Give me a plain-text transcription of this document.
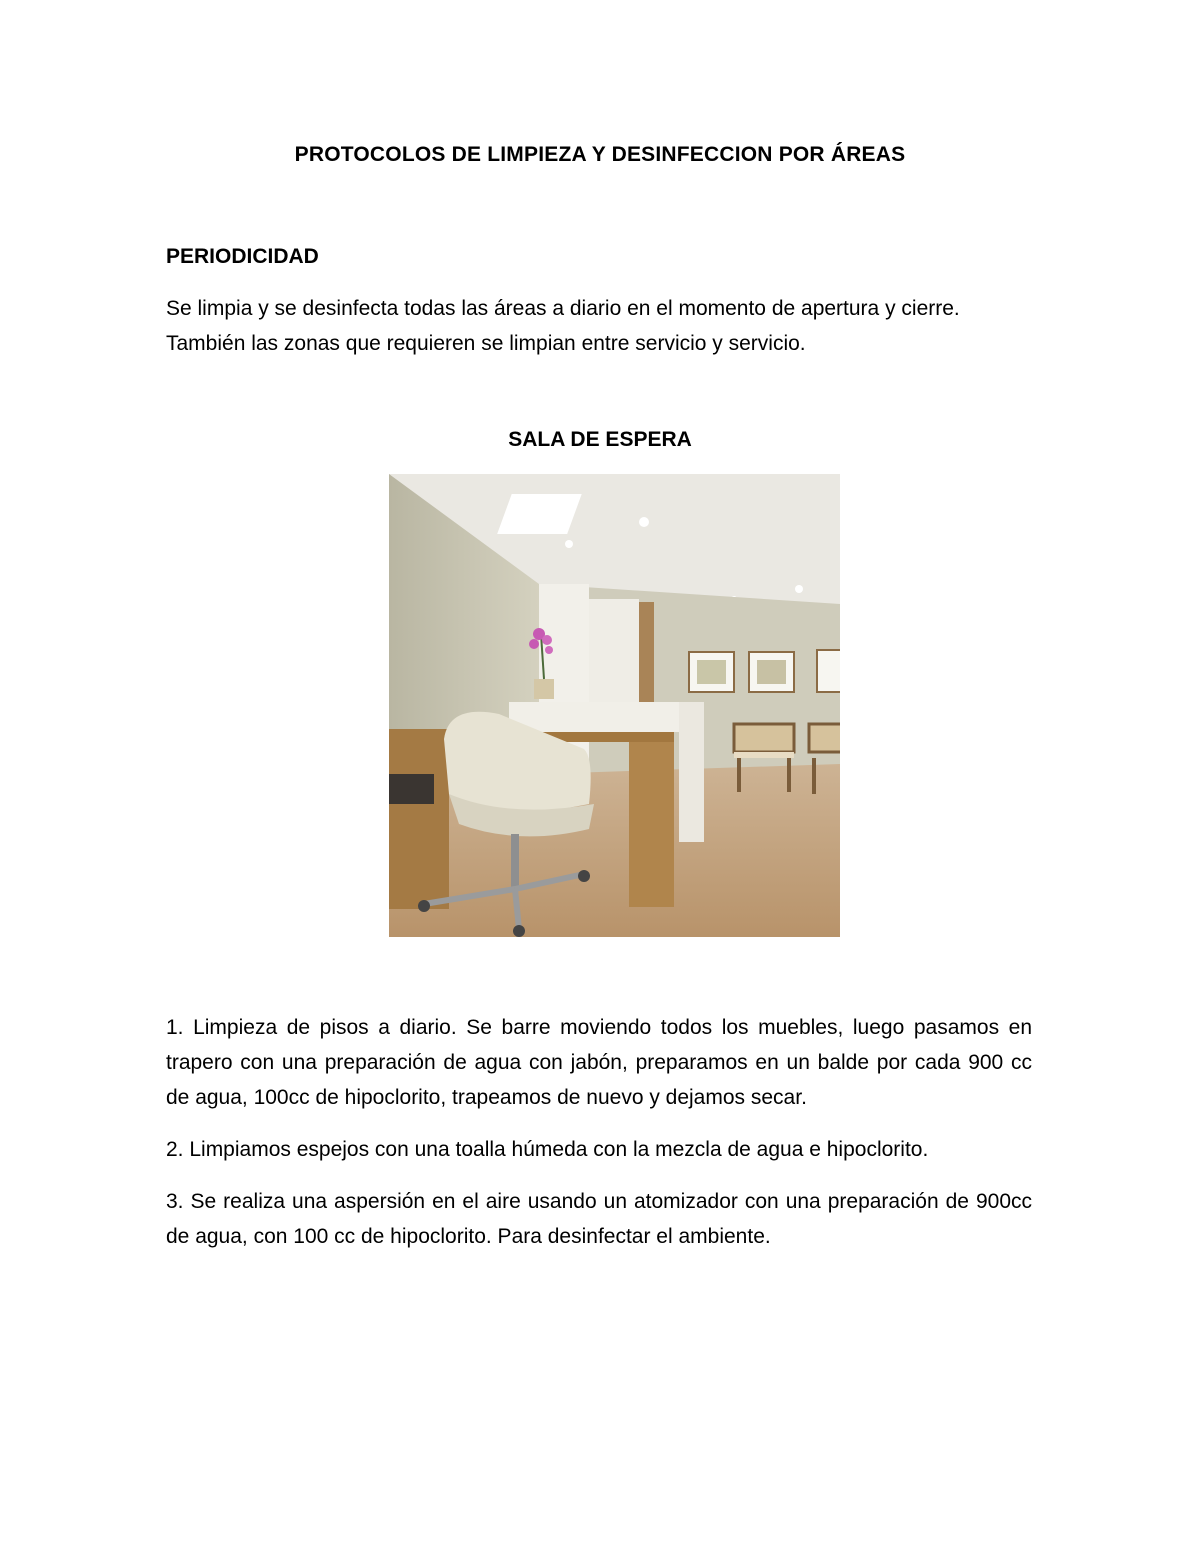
PROTOCOLOS DE LIMPIEZA Y DESINFECCION POR ÁREAS
PERIODICIDAD
Se limpia y se desinfecta todas las áreas a diario en el momento de apertura y cierre. También las zonas que requieren se limpian entre servicio y servicio.
SALA DE ESPERA

1. Limpieza de pisos a diario. Se barre moviendo todos los muebles, luego pasamos en trapero con una preparación de agua con jabón, preparamos en un balde por cada 900 cc de agua, 100cc de hipoclorito, trapeamos de nuevo y dejamos secar.

2. Limpiamos espejos con una toalla húmeda con la mezcla de agua e hipoclorito.

3. Se realiza una aspersión en el aire usando un atomizador con una preparación de 900cc de agua, con 100 cc de hipoclorito. Para desinfectar el ambiente.
